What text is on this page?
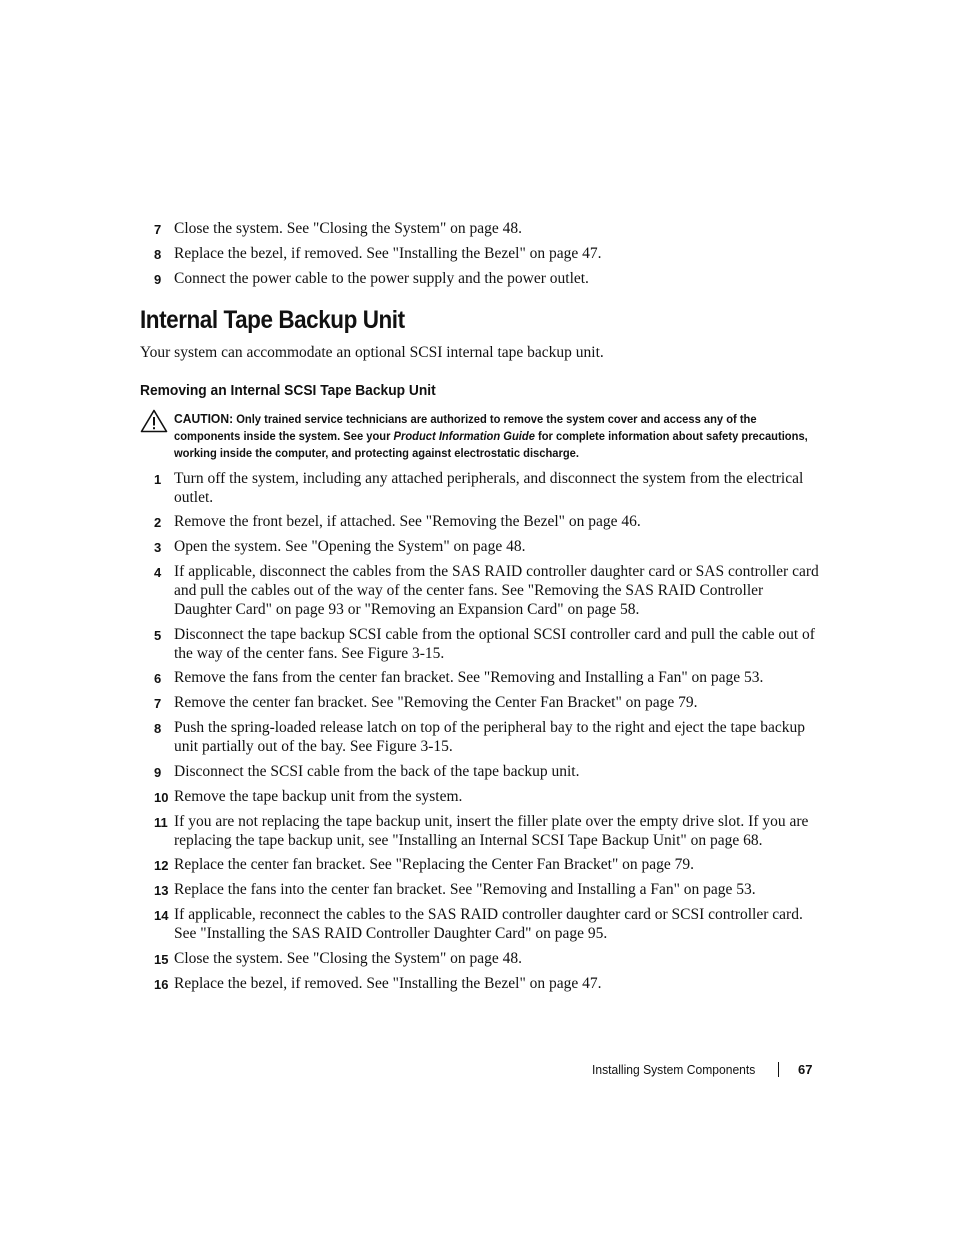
7 Close the system. See "Closing the System" on page 48.
8 Replace the bezel, if removed. See "Installing the Bezel" on page 47.
9 Connect the power cable to the power supply and the power outlet.
Internal Tape Backup Unit
Your system can accommodate an optional SCSI internal tape backup unit.
Removing an Internal SCSI Tape Backup Unit
CAUTION: Only trained service technicians are authorized to remove the system cover and access any of the components inside the system. See your Product Information Guide for complete information about safety precautions, working inside the computer, and protecting against electrostatic discharge.
1 Turn off the system, including any attached peripherals, and disconnect the system from the electrical outlet.
2 Remove the front bezel, if attached. See "Removing the Bezel" on page 46.
3 Open the system. See "Opening the System" on page 48.
4 If applicable, disconnect the cables from the SAS RAID controller daughter card or SAS controller card and pull the cables out of the way of the center fans. See "Removing the SAS RAID Controller Daughter Card" on page 93 or "Removing an Expansion Card" on page 58.
5 Disconnect the tape backup SCSI cable from the optional SCSI controller card and pull the cable out of the way of the center fans. See Figure 3-15.
6 Remove the fans from the center fan bracket. See "Removing and Installing a Fan" on page 53.
7 Remove the center fan bracket. See "Removing the Center Fan Bracket" on page 79.
8 Push the spring-loaded release latch on top of the peripheral bay to the right and eject the tape backup unit partially out of the bay. See Figure 3-15.
9 Disconnect the SCSI cable from the back of the tape backup unit.
10 Remove the tape backup unit from the system.
11 If you are not replacing the tape backup unit, insert the filler plate over the empty drive slot. If you are replacing the tape backup unit, see "Installing an Internal SCSI Tape Backup Unit" on page 68.
12 Replace the center fan bracket. See "Replacing the Center Fan Bracket" on page 79.
13 Replace the fans into the center fan bracket. See "Removing and Installing a Fan" on page 53.
14 If applicable, reconnect the cables to the SAS RAID controller daughter card or SCSI controller card. See "Installing the SAS RAID Controller Daughter Card" on page 95.
15 Close the system. See "Closing the System" on page 48.
16 Replace the bezel, if removed. See "Installing the Bezel" on page 47.
Installing System Components	67
